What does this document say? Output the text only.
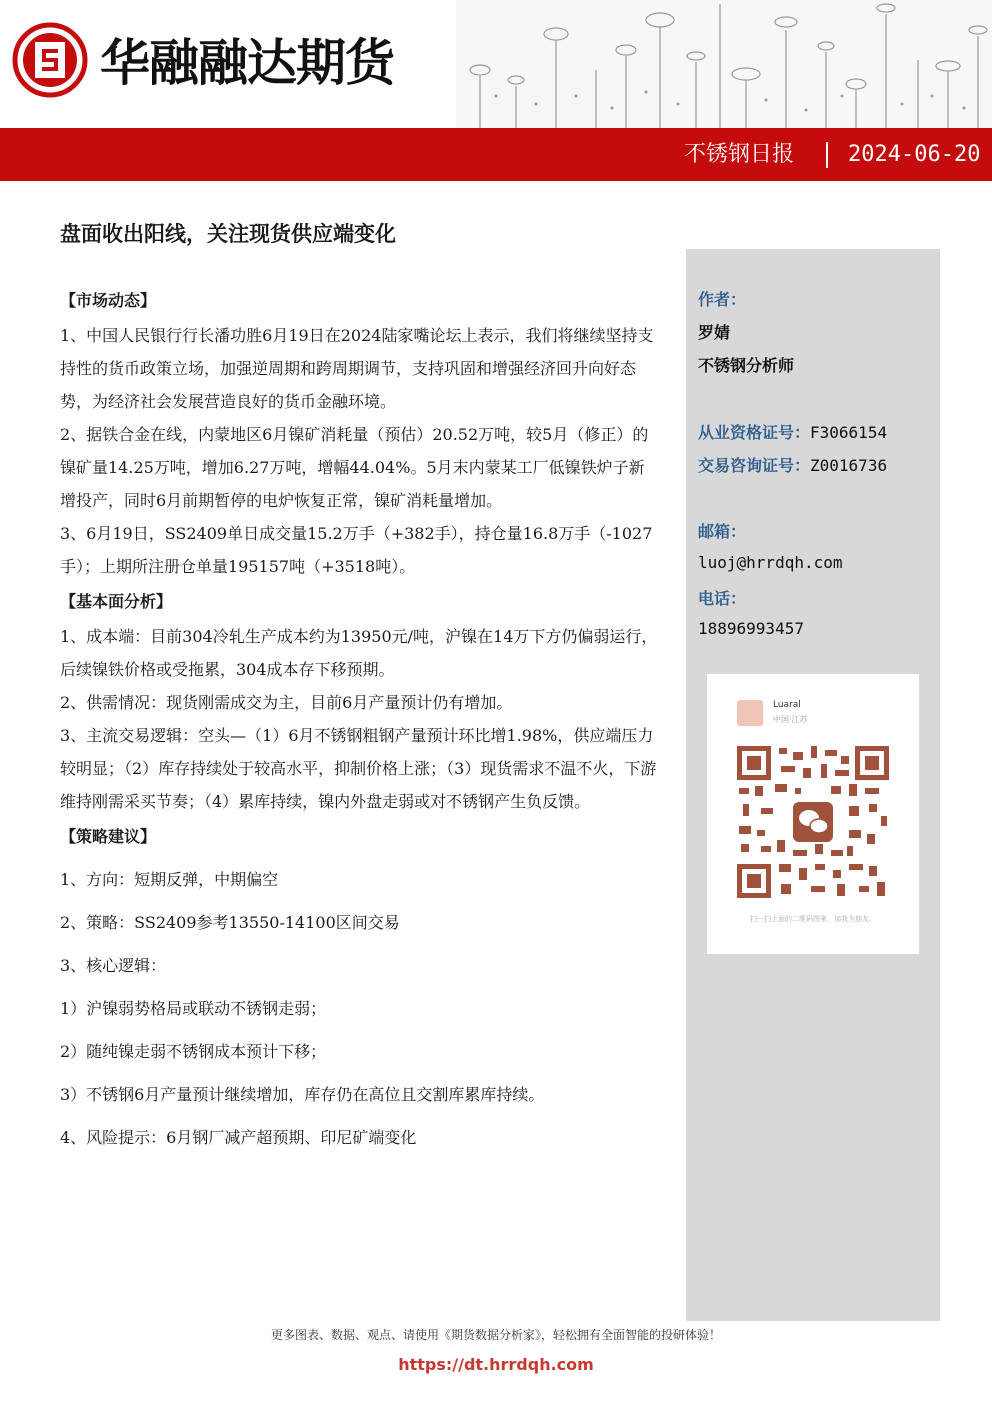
华融融达期货
不锈钢日报 2024-06-20
盘面收出阳线，关注现货供应端变化
【市场动态】

1、中国人民银行行长潘功胜6月19日在2024陆家嘴论坛上表示，我们将继续坚持支持性的货币政策立场，加强逆周期和跨周期调节，支持巩固和增强经济回升向好态势，为经济社会发展营造良好的货币金融环境。

2、据铁合金在线，内蒙地区6月镍矿消耗量（预估）20.52万吨，较5月（修正）的镍矿量14.25万吨，增加6.27万吨，增幅44.04%。5月末内蒙某工厂低镍铁炉子新增投产，同时6月前期暂停的电炉恢复正常，镍矿消耗量增加。

3、6月19日，SS2409单日成交量15.2万手（+382手），持仓量16.8万手（-1027手）；上期所注册仓单量195157吨（+3518吨）。

【基本面分析】

1、成本端：目前304冷轧生产成本约为13950元/吨，沪镍在14万下方仍偏弱运行，后续镍铁价格或受拖累，304成本存下移预期。

2、供需情况：现货刚需成交为主，目前6月产量预计仍有增加。

3、主流交易逻辑：空头—（1）6月不锈钢粗钢产量预计环比增1.98%，供应端压力较明显；（2）库存持续处于较高水平，抑制价格上涨；（3）现货需求不温不火，下游维持刚需采买节奏；（4）累库持续，镍内外盘走弱或对不锈钢产生负反馈。

【策略建议】

1、方向：短期反弹，中期偏空

2、策略：SS2409参考13550-14100区间交易

3、核心逻辑：

1）沪镍弱势格局或联动不锈钢走弱；

2）随纯镍走弱不锈钢成本预计下移；

3）不锈钢6月产量预计继续增加，库存仍在高位且交割库累库持续。

4、风险提示：6月钢厂减产超预期、印尼矿端变化

作者：
罗婧
不锈钢分析师
从业资格证号：F3066154
交易咨询证号：Z0016736
邮箱：
luoj@hrrdqh.com
电话：
18896993457
Luaral
中国·江苏
扫一扫上面的二维码图案，加我为朋友。
更多图表、数据、观点、请使用《期货数据分析家》，轻松拥有全面智能的投研体验！
https://dt.hrrdqh.com
